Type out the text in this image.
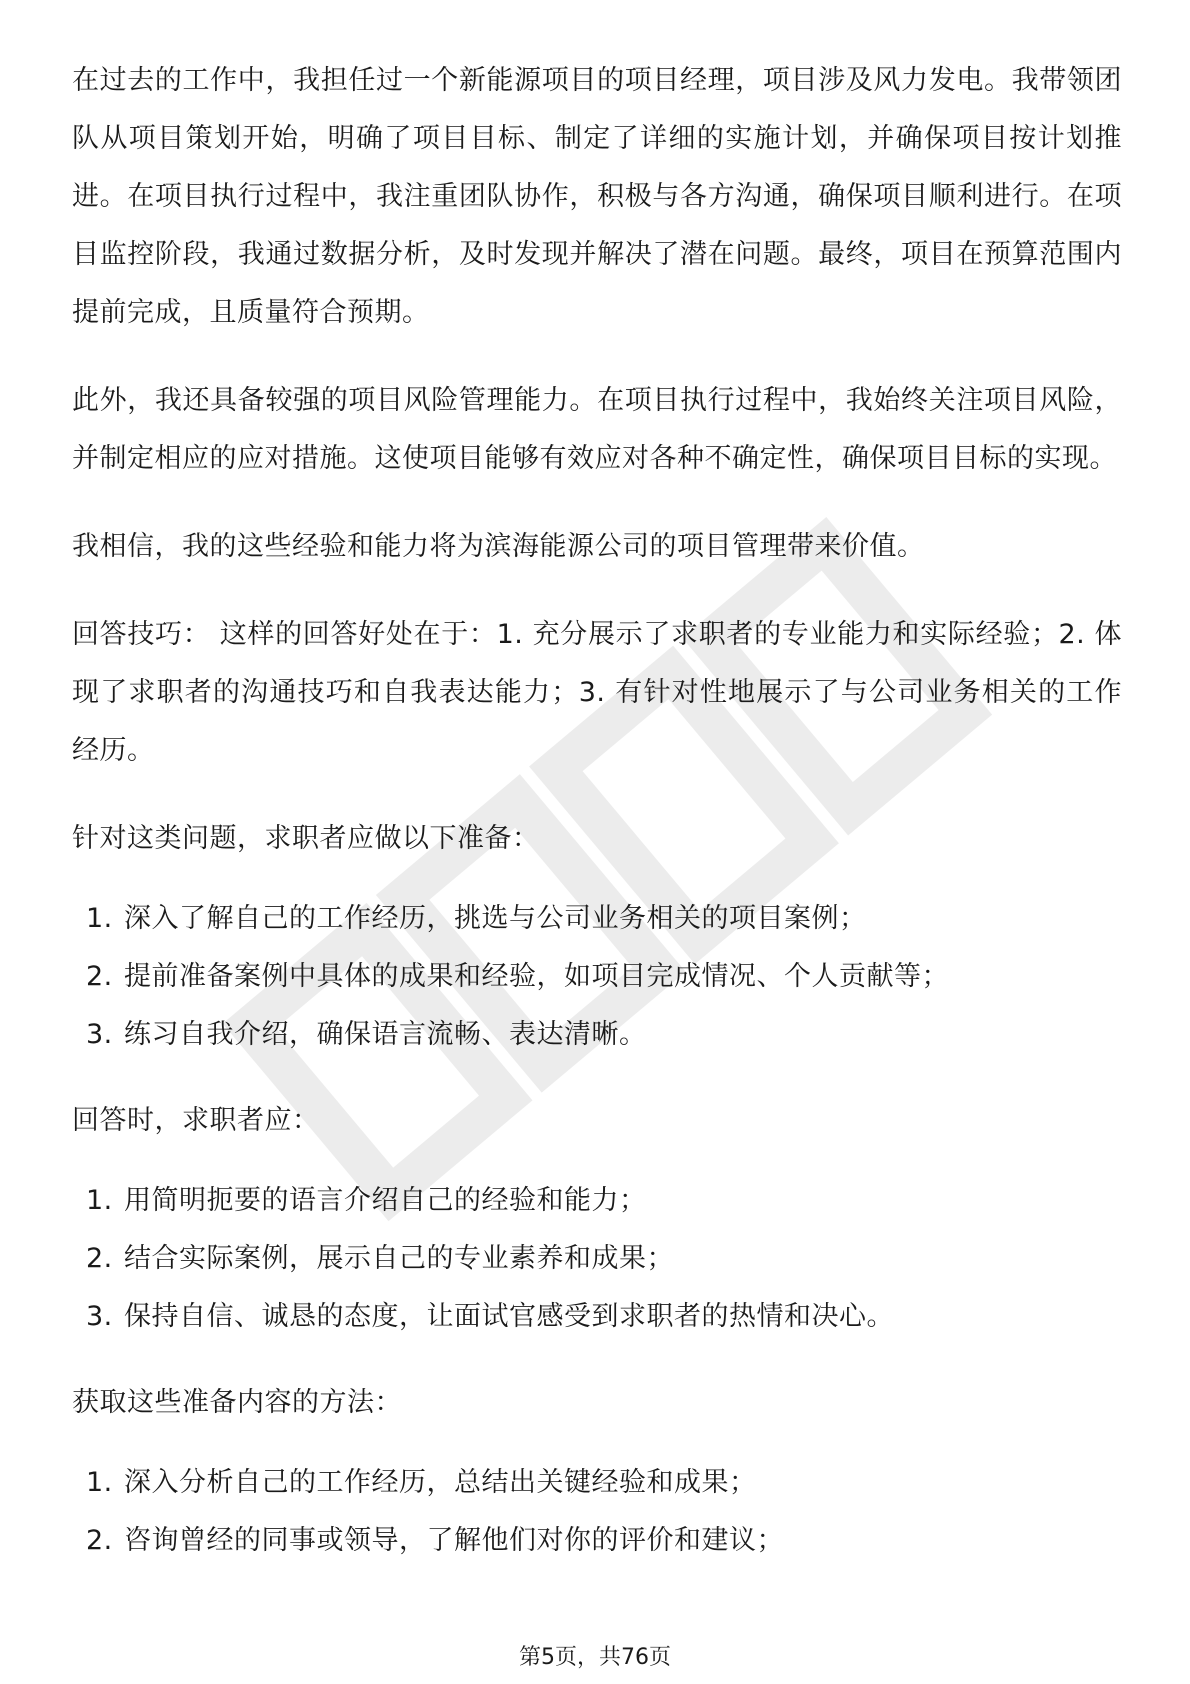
在过去的工作中，我担任过一个新能源项目的项目经理，项目涉及风力发电。我带领团队从项目策划开始，明确了项目目标、制定了详细的实施计划，并确保项目按计划推进。在项目执行过程中，我注重团队协作，积极与各方沟通，确保项目顺利进行。在项目监控阶段，我通过数据分析，及时发现并解决了潜在问题。最终，项目在预算范围内提前完成，且质量符合预期。

此外，我还具备较强的项目风险管理能力。在项目执行过程中，我始终关注项目风险，并制定相应的应对措施。这使项目能够有效应对各种不确定性，确保项目目标的实现。

我相信，我的这些经验和能力将为滨海能源公司的项目管理带来价值。

回答技巧： 这样的回答好处在于：1. 充分展示了求职者的专业能力和实际经验；2. 体现了求职者的沟通技巧和自我表达能力；3. 有针对性地展示了与公司业务相关的工作经历。

针对这类问题，求职者应做以下准备：

1. 深入了解自己的工作经历，挑选与公司业务相关的项目案例；
2. 提前准备案例中具体的成果和经验，如项目完成情况、个人贡献等；
3. 练习自我介绍，确保语言流畅、表达清晰。

回答时，求职者应：

1. 用简明扼要的语言介绍自己的经验和能力；
2. 结合实际案例，展示自己的专业素养和成果；
3. 保持自信、诚恳的态度，让面试官感受到求职者的热情和决心。

获取这些准备内容的方法：

1. 深入分析自己的工作经历，总结出关键经验和成果；
2. 咨询曾经的同事或领导，了解他们对你的评价和建议；
第5页，共76页
